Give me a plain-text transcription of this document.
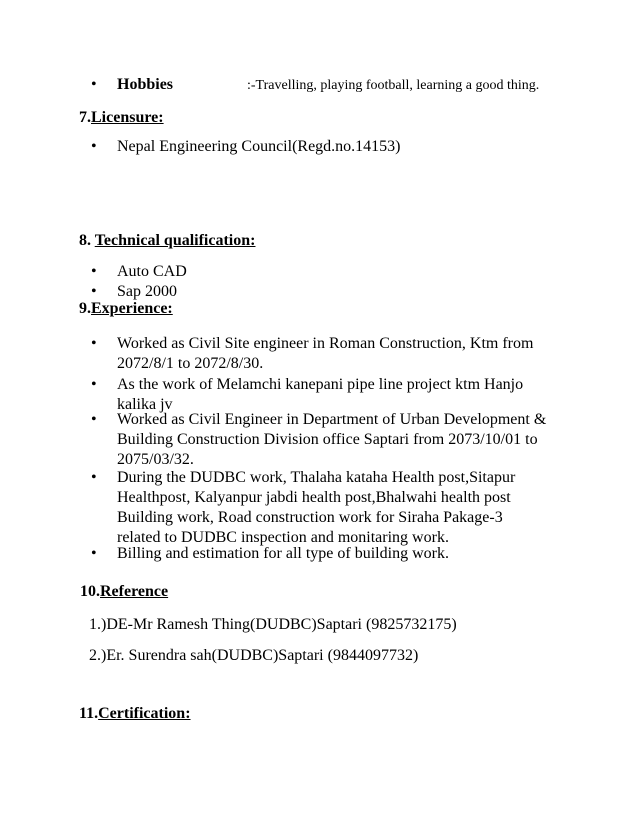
• Hobbies	:-Travelling, playing football, learning a good thing.
7.Licensure:
• Nepal Engineering Council(Regd.no.14153)
8. Technical qualification:
• Auto CAD
• Sap 2000
9.Experience:
• Worked as Civil Site engineer in Roman Construction, Ktm from
2072/8/1 to 2072/8/30.
• As the work of Melamchi kanepani pipe line project ktm Hanjo
kalika jv
• Worked as Civil Engineer in Department of Urban Development &
Building Construction Division office Saptari from 2073/10/01 to
2075/03/32.
• During the DUDBC work, Thalaha kataha Health post,Sitapur
Healthpost, Kalyanpur jabdi health post,Bhalwahi health post
Building work, Road construction work for Siraha Pakage-3
related to DUDBC inspection and monitaring work.
• Billing and estimation for all type of building work.
10.Reference
1.)DE-Mr Ramesh Thing(DUDBC)Saptari (9825732175)
2.)Er. Surendra sah(DUDBC)Saptari (9844097732)
11.Certification:
